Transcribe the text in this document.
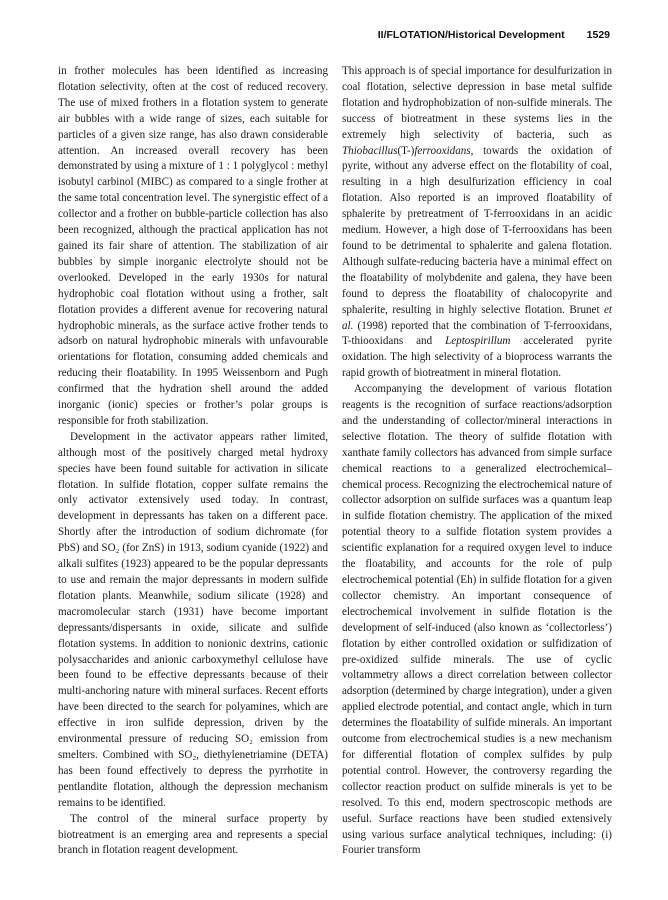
II/FLOTATION/Historical Development 1529

in frother molecules has been identified as increasing flotation selectivity, often at the cost of reduced recovery. The use of mixed frothers in a flotation system to generate air bubbles with a wide range of sizes, each suitable for particles of a given size range, has also drawn considerable attention. An increased overall recovery has been demonstrated by using a mixture of 1 : 1 polyglycol : methyl isobutyl carbinol (MIBC) as compared to a single frother at the same total concentration level. The synergistic effect of a collector and a frother on bubble-particle collection has also been recognized, although the practical application has not gained its fair share of attention. The stabilization of air bubbles by simple inorganic electrolyte should not be overlooked. Developed in the early 1930s for natural hydrophobic coal flotation without using a frother, salt flotation provides a different avenue for recovering natural hydrophobic minerals, as the surface active frother tends to adsorb on natural hydrophobic minerals with unfavourable orientations for flotation, consuming added chemicals and reducing their floatability. In 1995 Weissenborn and Pugh confirmed that the hydration shell around the added inorganic (ionic) species or frother’s polar groups is responsible for froth stabilization.

Development in the activator appears rather limited, although most of the positively charged metal hydroxy species have been found suitable for activation in silicate flotation. In sulfide flotation, copper sulfate remains the only activator extensively used today. In contrast, development in depressants has taken on a different pace. Shortly after the introduction of sodium dichromate (for PbS) and SO₂ (for ZnS) in 1913, sodium cyanide (1922) and alkali sulfites (1923) appeared to be the popular depressants to use and remain the major depressants in modern sulfide flotation plants. Meanwhile, sodium silicate (1928) and macromolecular starch (1931) have become important depressants/dispersants in oxide, silicate and sulfide flotation systems. In addition to nonionic dextrins, cationic polysaccharides and anionic carboxymethyl cellulose have been found to be effective depressants because of their multi-anchoring nature with mineral surfaces. Recent efforts have been directed to the search for polyamines, which are effective in iron sulfide depression, driven by the environmental pressure of reducing SO₂ emission from smelters. Combined with SO₂, diethylenetriamine (DETA) has been found effectively to depress the pyrrhotite in pentlandite flotation, although the depression mechanism remains to be identified.

The control of the mineral surface property by biotreatment is an emerging area and represents a special branch in flotation reagent development.

This approach is of special importance for desulfurization in coal flotation, selective depression in base metal sulfide flotation and hydrophobization of non-sulfide minerals. The success of biotreatment in these systems lies in the extremely high selectivity of bacteria, such as Thiobacillus(T-)ferrooxidans, towards the oxidation of pyrite, without any adverse effect on the flotability of coal, resulting in a high desulfurization efficiency in coal flotation. Also reported is an improved floatability of sphalerite by pretreatment of T-ferrooxidans in an acidic medium. However, a high dose of T-ferrooxidans has been found to be detrimental to sphalerite and galena flotation. Although sulfate-reducing bacteria have a minimal effect on the floatability of molybdenite and galena, they have been found to depress the floatability of chalocopyrite and sphalerite, resulting in highly selective flotation. Brunet et al. (1998) reported that the combination of T-ferrooxidans, T-thiooxidans and Leptospirillum accelerated pyrite oxidation. The high selectivity of a bioprocess warrants the rapid growth of biotreatment in mineral flotation.

Accompanying the development of various flotation reagents is the recognition of surface reactions/adsorption and the understanding of collector/mineral interactions in selective flotation. The theory of sulfide flotation with xanthate family collectors has advanced from simple surface chemical reactions to a generalized electrochemical–chemical process. Recognizing the electrochemical nature of collector adsorption on sulfide surfaces was a quantum leap in sulfide flotation chemistry. The application of the mixed potential theory to a sulfide flotation system provides a scientific explanation for a required oxygen level to induce the floatability, and accounts for the role of pulp electrochemical potential (Eh) in sulfide flotation for a given collector chemistry. An important consequence of electrochemical involvement in sulfide flotation is the development of self-induced (also known as ‘collectorless’) flotation by either controlled oxidation or sulfidization of pre-oxidized sulfide minerals. The use of cyclic voltammetry allows a direct correlation between collector adsorption (determined by charge integration), under a given applied electrode potential, and contact angle, which in turn determines the floatability of sulfide minerals. An important outcome from electrochemical studies is a new mechanism for differential flotation of complex sulfides by pulp potential control. However, the controversy regarding the collector reaction product on sulfide minerals is yet to be resolved. To this end, modern spectroscopic methods are useful. Surface reactions have been studied extensively using various surface analytical techniques, including: (i) Fourier transform
